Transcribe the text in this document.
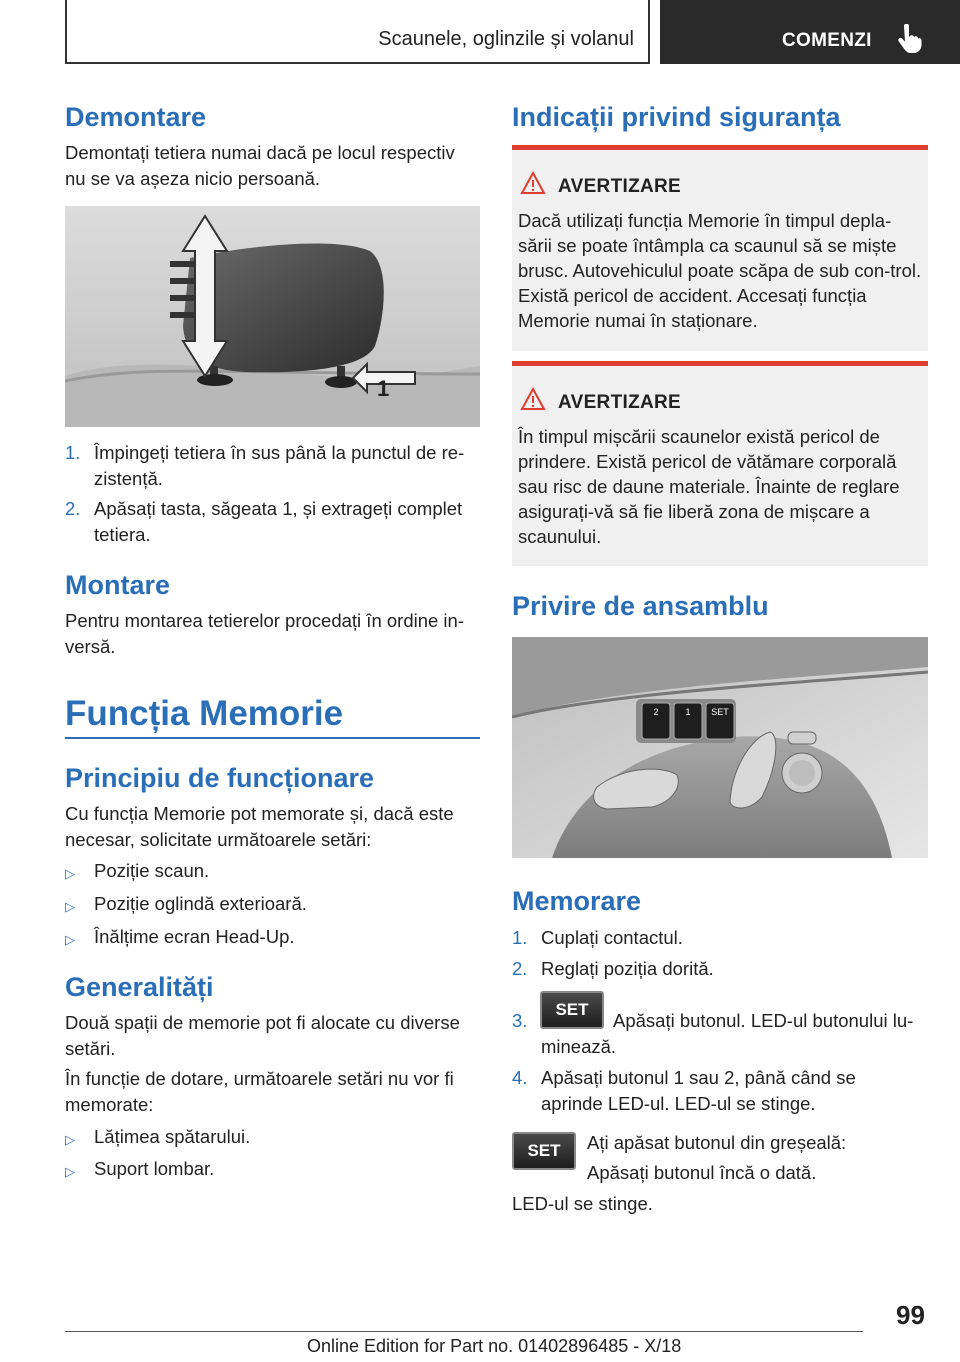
Scaunele, oglinzile și volanul	COMENZI
Demontare
Demontați tetiera numai dacă pe locul respectiv nu se va așeza nicio persoană.
1
1. Împingeți tetiera în sus până la punctul de re-
zistență.
2. Apăsați tasta, săgeata 1, și extrageți complet
tetiera.
Montare
Pentru montarea tetierelor procedați în ordine in-versă.
Funcția Memorie
Principiu de funcționare
Cu funcția Memorie pot memorate și, dacă este necesar, solicitate următoarele setări:
▷ Poziție scaun.
▷ Poziție oglindă exterioară.
▷ Înălțime ecran Head-Up.
Generalități
Două spații de memorie pot fi alocate cu diverse setări.
În funcție de dotare, următoarele setări nu vor fi memorate:
▷ Lățimea spătarului.
▷ Suport lombar.
Indicații privind siguranța
AVERTIZARE
Dacă utilizați funcția Memorie în timpul depla-sării se poate întâmpla ca scaunul să se miște brusc. Autovehiculul poate scăpa de sub con-trol. Există pericol de accident. Accesați funcția Memorie numai în staționare.
AVERTIZARE
În timpul mișcării scaunelor există pericol de prindere. Există pericol de vătămare corporală sau risc de daune materiale. Înainte de reglare asigurați-vă să fie liberă zona de mișcare a scaunului.
Privire de ansamblu
2	1 SET
Memorare
1. Cuplați contactul.
2. Reglați poziția dorită.
3.	Apăsați butonul. LED-ul butonului lu-
minează.
4. Apăsați butonul 1 sau 2, până când se
aprinde LED-ul. LED-ul se stinge.
SET
SET	Ați apăsat butonul din greșeală:
Apăsați butonul încă o dată.
LED-ul se stinge.
99
Online Edition for Part no. 01402896485 - X/18
